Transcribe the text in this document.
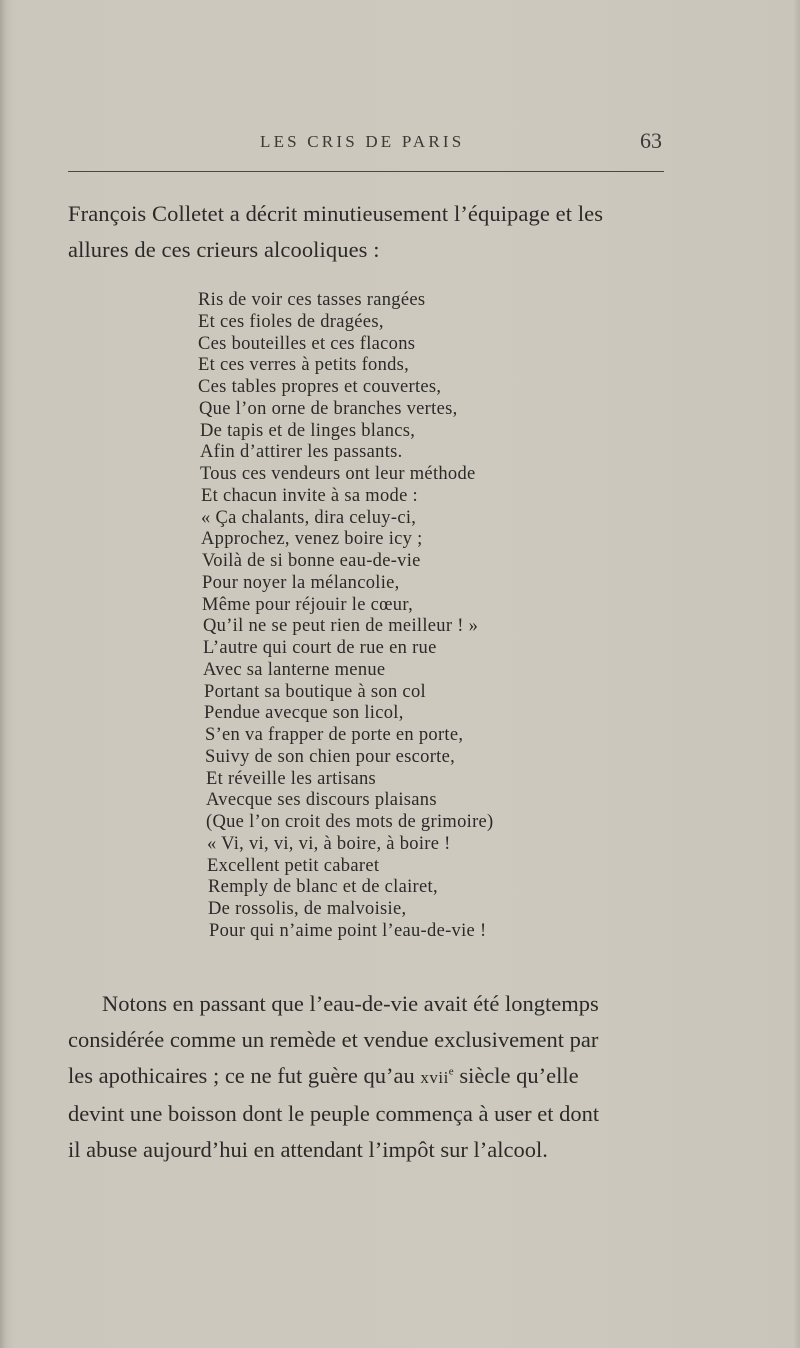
LES CRIS DE PARIS	63
François Colletet a décrit minutieusement l’équipage et les
allures de ces crieurs alcooliques :
Ris de voir ces tasses rangées
Et ces fioles de dragées,
Ces bouteilles et ces flacons
Et ces verres à petits fonds,
Ces tables propres et couvertes,
Que l’on orne de branches vertes,
De tapis et de linges blancs,
Afin d’attirer les passants.
Tous ces vendeurs ont leur méthode
Et chacun invite à sa mode :
« Ça chalants, dira celuy-ci,
Approchez, venez boire icy ;
Voilà de si bonne eau-de-vie
Pour noyer la mélancolie,
Même pour réjouir le cœur,
Qu’il ne se peut rien de meilleur ! »
L’autre qui court de rue en rue
Avec sa lanterne menue
Portant sa boutique à son col
Pendue avecque son licol,
S’en va frapper de porte en porte,
Suivy de son chien pour escorte,
Et réveille les artisans
Avecque ses discours plaisans
(Que l’on croit des mots de grimoire)
« Vi, vi, vi, vi, à boire, à boire !
Excellent petit cabaret
Remply de blanc et de clairet,
De rossolis, de malvoisie,
Pour qui n’aime point l’eau-de-vie !
Notons en passant que l’eau-de-vie avait été longtemps
considérée comme un remède et vendue exclusivement par
les apothicaires ; ce ne fut guère qu’au xvii$^e$ siècle qu’elle
devint une boisson dont le peuple commença à user et dont
il abuse aujourd’hui en attendant l’impôt sur l’alcool.
